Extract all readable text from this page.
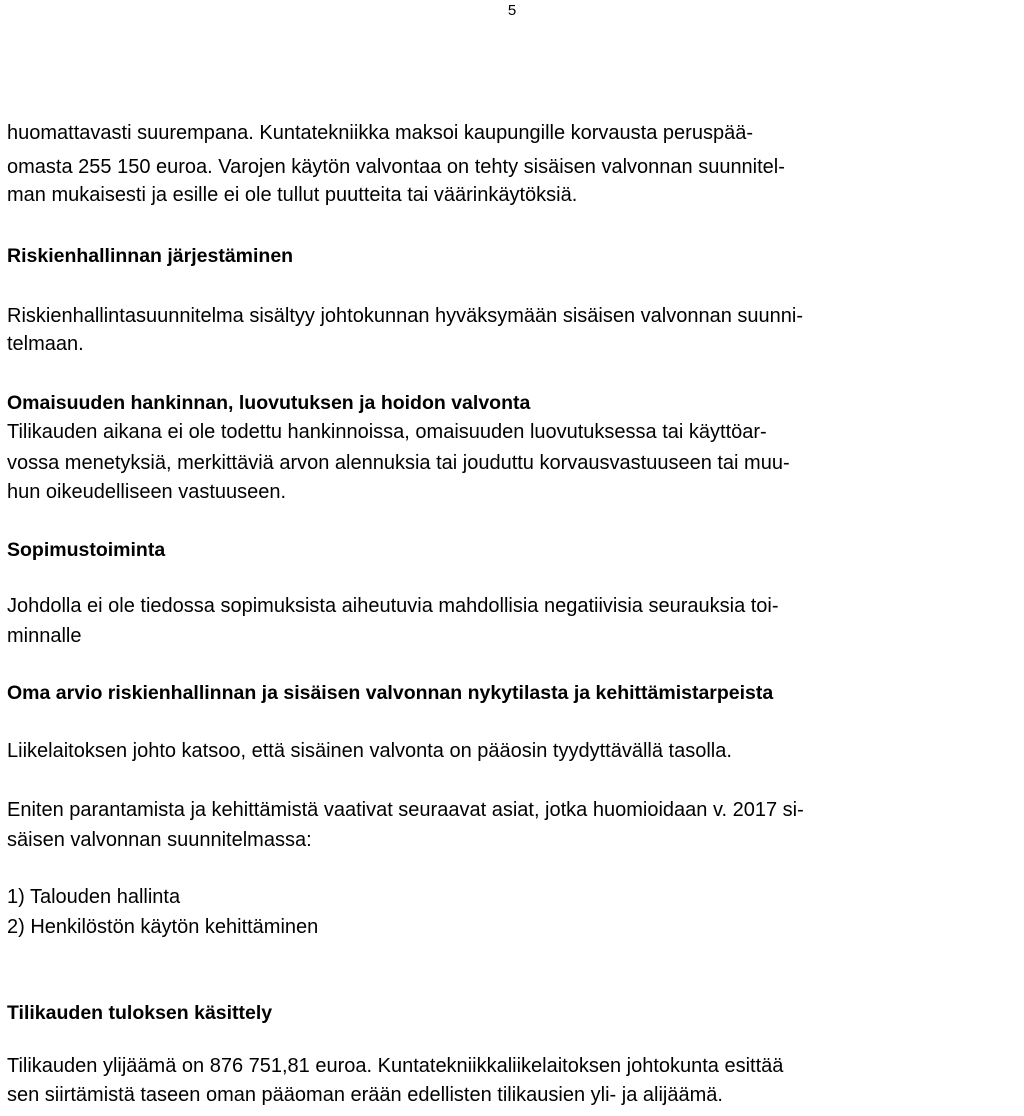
5
huomattavasti suurempana. Kuntatekniikka maksoi kaupungille korvausta peruspää-
omasta 255 150 euroa. Varojen käytön valvontaa on tehty sisäisen valvonnan suunnitel-
man mukaisesti ja esille ei ole tullut puutteita tai väärinkäytöksiä.
Riskienhallinnan järjestäminen
Riskienhallintasuunnitelma sisältyy johtokunnan hyväksymään sisäisen valvonnan suunni-
telmaan.
Omaisuuden hankinnan, luovutuksen ja hoidon valvonta
Tilikauden aikana ei ole todettu hankinnoissa, omaisuuden luovutuksessa tai käyttöar-
vossa menetyksiä, merkittäviä arvon alennuksia tai jouduttu korvausvastuuseen tai muu-
hun oikeudelliseen vastuuseen.
Sopimustoiminta
Johdolla ei ole tiedossa sopimuksista aiheutuvia mahdollisia negatiivisia seurauksia toi-
minnalle
Oma arvio riskienhallinnan ja sisäisen valvonnan nykytilasta ja kehittämistarpeista
Liikelaitoksen johto katsoo, että sisäinen valvonta on pääosin tyydyttävällä tasolla.
Eniten parantamista ja kehittämistä vaativat seuraavat asiat, jotka huomioidaan v. 2017 si-
säisen valvonnan suunnitelmassa:
1) Talouden hallinta
2) Henkilöstön käytön kehittäminen
Tilikauden tuloksen käsittely
Tilikauden ylijäämä on 876 751,81 euroa. Kuntatekniikkaliikelaitoksen johtokunta esittää
sen siirtämistä taseen oman pääoman erään edellisten tilikausien yli- ja alijäämä.
